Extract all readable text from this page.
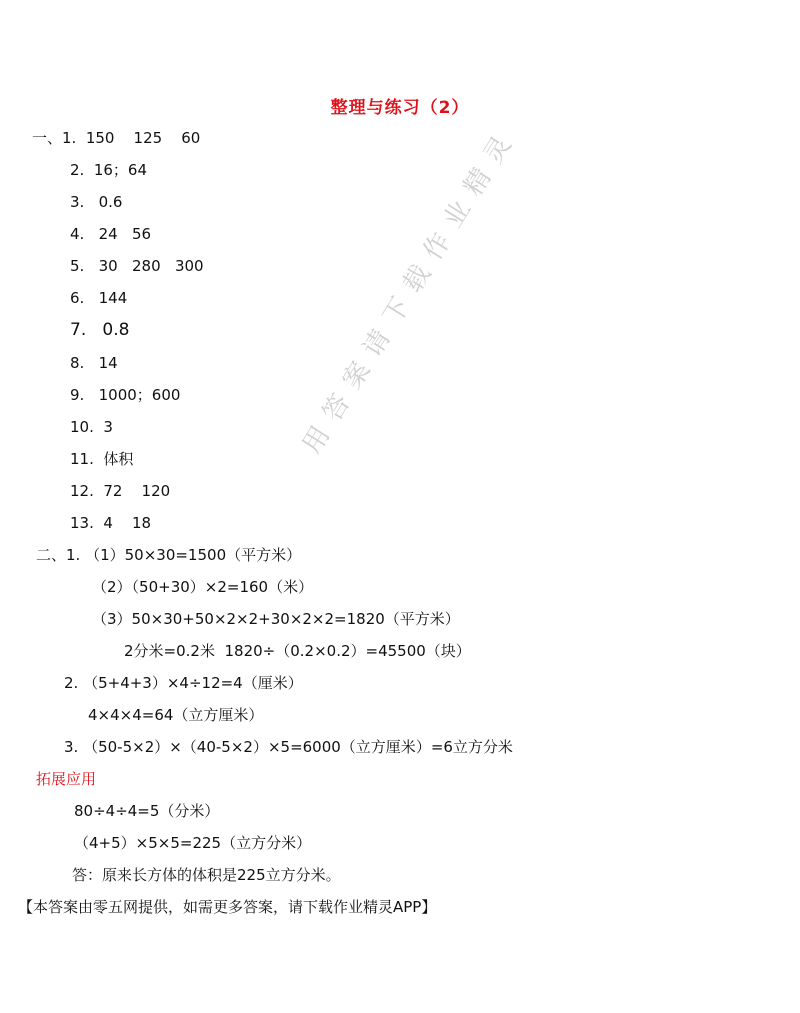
整理与练习（2）
一、1.  150    125    60
2.  16；64
3.   0.6
4.   24   56
5.   30   280   300
6.   144
7.   0.8
8.   14
9.   1000；600
10.  3
11.  体积
12.  72    120
13.  4    18
二、1. （1）50×30=1500（平方米）
（2）（50+30）×2=160（米）
（3）50×30+50×2×2+30×2×2=1820（平方米）
2分米=0.2米  1820÷（0.2×0.2）=45500（块）
2. （5+4+3）×4÷12=4（厘米）
4×4×4=64（立方厘米）
3. （50-5×2）×（40-5×2）×5=6000（立方厘米）=6立方分米
拓展应用
80÷4÷4=5（分米）
（4+5）×5×5=225（立方分米）
答：原来长方体的体积是225立方分米。
【本答案由零五网提供，如需更多答案，请下载作业精灵APP】
用答案请下载作业精灵
